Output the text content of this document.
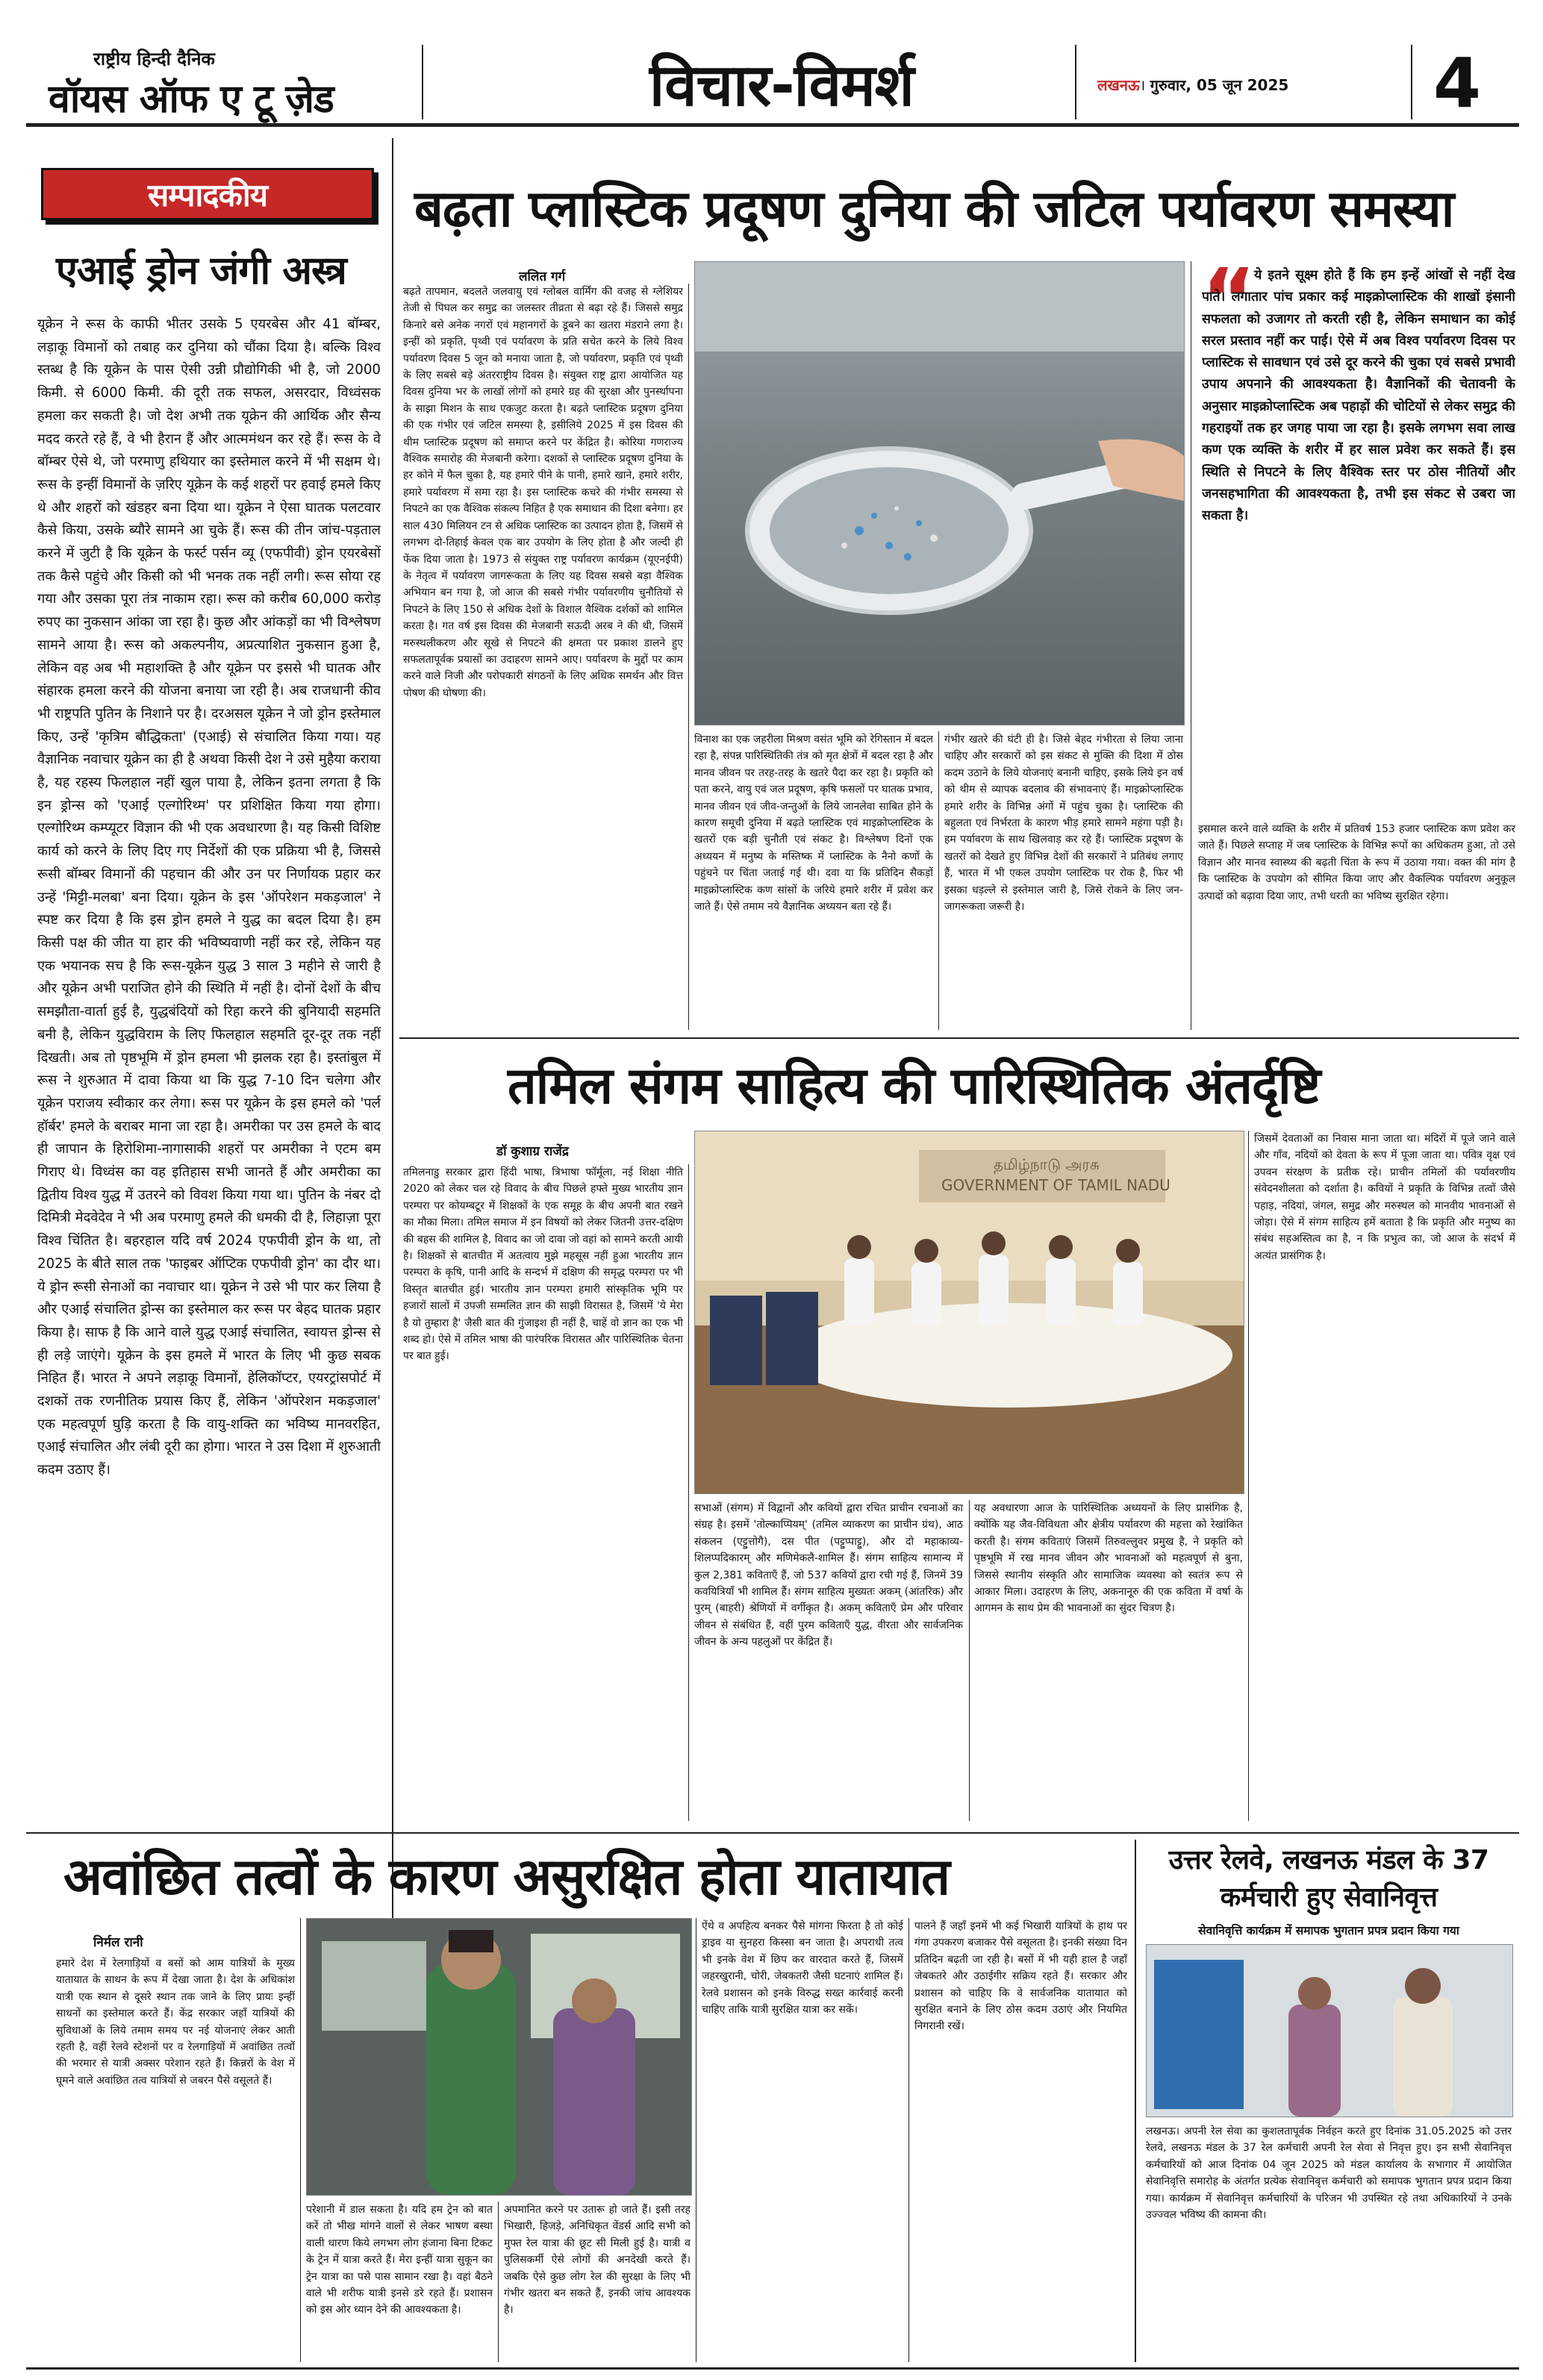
राष्ट्रीय हिन्दी दैनिक
वॉयस ऑफ ए टू ज़ेड	विचार-विमर्श	लखनऊ। गुरुवार, 05 जून 2025 4
सम्पादकीय
एआई ड्रोन जंगी अस्त्र

यूक्रेन ने रूस के काफी भीतर उसके 5 एयरबेस और 41 बॉम्बर, लड़ाकू विमानों को तबाह कर दुनिया को चौंका दिया है। बल्कि विश्व स्तब्ध है कि यूक्रेन के पास ऐसी उन्नी प्रौद्योगिकी भी है, जो 2000 किमी. से 6000 किमी. की दूरी तक सफल, असरदार, विध्वंसक हमला कर सकती है। जो देश अभी तक यूक्रेन की आर्थिक और सैन्य मदद करते रहे हैं, वे भी हैरान हैं और आत्ममंथन कर रहे हैं। रूस के वे बॉम्बर ऐसे थे, जो परमाणु हथियार का इस्तेमाल करने में भी सक्षम थे। रूस के इन्हीं विमानों के ज़रिए यूक्रेन के कई शहरों पर हवाई हमले किए थे और शहरों को खंडहर बना दिया था। यूक्रेन ने ऐसा घातक पलटवार कैसे किया, उसके ब्यौरे सामने आ चुके हैं। रूस की तीन जांच-पड़ताल करने में जुटी है कि यूक्रेन के फर्स्ट पर्सन व्यू (एफपीवी) ड्रोन एयरबेसों तक कैसे पहुंचे और किसी को भी भनक तक नहीं लगी। रूस सोया रह गया और उसका पूरा तंत्र नाकाम रहा। रूस को करीब 60,000 करोड़ रुपए का नुकसान आंका जा रहा है। कुछ और आंकड़ों का भी विश्लेषण सामने आया है। रूस को अकल्पनीय, अप्रत्याशित नुकसान हुआ है, लेकिन वह अब भी महाशक्ति है और यूक्रेन पर इससे भी घातक और संहारक हमला करने की योजना बनाया जा रही है। अब राजधानी कीव भी राष्ट्रपति पुतिन के निशाने पर है। दरअसल यूक्रेन ने जो ड्रोन इस्तेमाल किए, उन्हें 'कृत्रिम बौद्धिकता' (एआई) से संचालित किया गया। यह वैज्ञानिक नवाचार यूक्रेन का ही है अथवा किसी देश ने उसे मुहैया कराया है, यह रहस्य फिलहाल नहीं खुल पाया है, लेकिन इतना लगता है कि इन ड्रोन्स को 'एआई एल्गोरिथ्म' पर प्रशिक्षित किया गया होगा। एल्गोरिथ्म कम्प्यूटर विज्ञान की भी एक अवधारणा है। यह किसी विशिष्ट कार्य को करने के लिए दिए गए निर्देशों की एक प्रक्रिया भी है, जिससे रूसी बॉम्बर विमानों की पहचान की और उन पर निर्णायक प्रहार कर उन्हें 'मिट्टी-मलबा' बना दिया। यूक्रेन के इस 'ऑपरेशन मकड़जाल' ने स्पष्ट कर दिया है कि इस ड्रोन हमले ने युद्ध का बदल दिया है। हम किसी पक्ष की जीत या हार की भविष्यवाणी नहीं कर रहे, लेकिन यह एक भयानक सच है कि रूस-यूक्रेन युद्ध 3 साल 3 महीने से जारी है और यूक्रेन अभी पराजित होने की स्थिति में नहीं है। दोनों देशों के बीच समझौता-वार्ता हुई है, युद्धबंदियों को रिहा करने की बुनियादी सहमति बनी है, लेकिन युद्धविराम के लिए फिलहाल सहमति दूर-दूर तक नहीं दिखती। अब तो पृष्ठभूमि में ड्रोन हमला भी झलक रहा है। इस्तांबुल में रूस ने शुरुआत में दावा किया था कि युद्ध 7-10 दिन चलेगा और यूक्रेन पराजय स्वीकार कर लेगा। रूस पर यूक्रेन के इस हमले को 'पर्ल हॉर्बर' हमले के बराबर माना जा रहा है। अमरीका पर उस हमले के बाद ही जापान के हिरोशिमा-नागासाकी शहरों पर अमरीका ने एटम बम गिराए थे। विध्वंस का वह इतिहास सभी जानते हैं और अमरीका का द्वितीय विश्व युद्ध में उतरने को विवश किया गया था। पुतिन के नंबर दो दिमित्री मेदवेदेव ने भी अब परमाणु हमले की धमकी दी है, लिहाज़ा पूरा विश्व चिंतित है। बहरहाल यदि वर्ष 2024 एफपीवी ड्रोन के था, तो 2025 के बीते साल तक 'फाइबर ऑप्टिक एफपीवी ड्रोन' का दौर था। ये ड्रोन रूसी सेनाओं का नवाचार था। यूक्रेन ने उसे भी पार कर लिया है और एआई संचालित ड्रोन्स का इस्तेमाल कर रूस पर बेहद घातक प्रहार किया है। साफ है कि आने वाले युद्ध एआई संचालित, स्वायत्त ड्रोन्स से ही लड़े जाएंगे। यूक्रेन के इस हमले में भारत के लिए भी कुछ सबक निहित हैं। भारत ने अपने लड़ाकू विमानों, हेलिकॉप्टर, एयरट्रांसपोर्ट में दशकों तक रणनीतिक प्रयास किए हैं, लेकिन 'ऑपरेशन मकड़जाल' एक महत्वपूर्ण घुड़ि करता है कि वायु-शक्ति का भविष्य मानवरहित, एआई संचालित और लंबी दूरी का होगा। भारत ने उस दिशा में शुरुआती कदम उठाए हैं।

बढ़ता प्लास्टिक प्रदूषण दुनिया की जटिल पर्यावरण समस्या
ललित गर्ग

बढ़ते तापमान, बदलते जलवायु एवं ग्लोबल वार्मिंग की वजह से ग्लेशियर तेजी से पिघल कर समुद्र का जलस्तर तीव्रता से बढ़ा रहे हैं। जिससे समुद्र किनारे बसे अनेक नगरों एवं महानगरों के डूबने का खतरा मंडराने लगा है। इन्हीं को प्रकृति, पृथ्वी एवं पर्यावरण के प्रति सचेत करने के लिये विश्व पर्यावरण दिवस 5 जून को मनाया जाता है, जो पर्यावरण, प्रकृति एवं पृथ्वी के लिए सबसे बड़े अंतरराष्ट्रीय दिवस है। संयुक्त राष्ट्र द्वारा आयोजित यह दिवस दुनिया भर के लाखों लोगों को हमारे ग्रह की सुरक्षा और पुनर्स्थापना के साझा मिशन के साथ एकजुट करता है। बढ़ते प्लास्टिक प्रदूषण दुनिया की एक गंभीर एवं जटिल समस्या है, इसीलिये 2025 में इस दिवस की थीम प्लास्टिक प्रदूषण को समाप्त करने पर केंद्रित है। कोरिया गणराज्य वैश्विक समारोह की मेजबानी करेगा। दशकों से प्लास्टिक प्रदूषण दुनिया के हर कोने में फैल चुका है, यह हमारे पीने के पानी, हमारे खाने, हमारे शरीर, हमारे पर्यावरण में समा रहा है। इस प्लास्टिक कचरे की गंभीर समस्या से निपटने का एक वैश्विक संकल्प निहित है एक समाधान की दिशा बनेगा। हर साल 430 मिलियन टन से अधिक प्लास्टिक का उत्पादन होता है, जिसमें से लगभग दो-तिहाई केवल एक बार उपयोग के लिए होता है और जल्दी ही फेंक दिया जाता है। 1973 से संयुक्त राष्ट्र पर्यावरण कार्यक्रम (यूएनईपी) के नेतृत्व में पर्यावरण जागरूकता के लिए यह दिवस सबसे बड़ा वैश्विक अभियान बन गया है, जो आज की सबसे गंभीर पर्यावरणीय चुनौतियों से निपटने के लिए 150 से अधिक देशों के विशाल वैश्विक दर्शकों को शामिल करता है। गत वर्ष इस दिवस की मेजबानी सऊदी अरब ने की थी, जिसमें मरुस्थलीकरण और सूखे से निपटने की क्षमता पर प्रकाश डालने हुए सफलतापूर्वक प्रयासों का उदाहरण सामने आए। पर्यावरण के मुद्दों पर काम करने वाले निजी और परोपकारी संगठनों के लिए अधिक समर्थन और वित्त पोषण की घोषणा की।

विनाश का एक जहरीला मिश्रण वसंत भूमि को रेगिस्तान में बदल रहा है, संपन्न पारिस्थितिकी तंत्र को मृत क्षेत्रों में बदल रहा है और मानव जीवन पर तरह-तरह के खतरे पैदा कर रहा है। प्रकृति को पता करने, वायु एवं जल प्रदूषण, कृषि फसलों पर घातक प्रभाव, मानव जीवन एवं जीव-जन्तुओं के लिये जानलेवा साबित होने के कारण समूची दुनिया में बढ़ते प्लास्टिक एवं माइक्रोप्लास्टिक के खतरों एक बड़ी चुनौती एवं संकट है। विश्लेषण दिनों एक अध्ययन में मनुष्य के मस्तिष्क में प्लास्टिक के नैनो कणों के पहुंचने पर चिंता जताई गई थी। दवा या कि प्रतिदिन सैकड़ों माइक्रोप्लास्टिक कण सांसों के जरिये हमारे शरीर में प्रवेश कर जाते हैं। ऐसे तमाम नये वैज्ञानिक अध्ययन बता रहे हैं।

गंभीर खतरे की घंटी ही है। जिसे बेहद गंभीरता से लिया जाना चाहिए और सरकारों को इस संकट से मुक्ति की दिशा में ठोस कदम उठाने के लिये योजनाएं बनानी चाहिए, इसके लिये इन वर्ष को थीम से व्यापक बदलाव की संभावनाएं हैं। माइक्रोप्लास्टिक हमारे शरीर के विभिन्न अंगों में पहुंच चुका है। प्लास्टिक की बहुलता एवं निर्भरता के कारण भीड़ हमारे सामने महंगा पड़ी है। हम पर्यावरण के साथ खिलवाड़ कर रहे हैं। प्लास्टिक प्रदूषण के खतरों को देखते हुए विभिन्न देशों की सरकारों ने प्रतिबंध लगाए हैं, भारत में भी एकल उपयोग प्लास्टिक पर रोक है, फिर भी इसका धड़ल्ले से इस्तेमाल जारी है, जिसे रोकने के लिए जन-जागरूकता जरूरी है।

“

ये इतने सूक्ष्म होते हैं कि हम इन्हें आंखों से नहीं देख पाते। लगातार पांच प्रकार कई माइक्रोप्लास्टिक की शाखों इंसानी सफलता को उजागर तो करती रही है, लेकिन समाधान का कोई सरल प्रस्ताव नहीं कर पाई। ऐसे में अब विश्व पर्यावरण दिवस पर प्लास्टिक से सावधान एवं उसे दूर करने की चुका एवं सबसे प्रभावी उपाय अपनाने की आवश्यकता है। वैज्ञानिकों की चेतावनी के अनुसार माइक्रोप्लास्टिक अब पहाड़ों की चोटियों से लेकर समुद्र की गहराइयों तक हर जगह पाया जा रहा है। इसके लगभग सवा लाख कण एक व्यक्ति के शरीर में हर साल प्रवेश कर सकते हैं। इस स्थिति से निपटने के लिए वैश्विक स्तर पर ठोस नीतियों और जनसहभागिता की आवश्यकता है, तभी इस संकट से उबरा जा सकता है।

इसमाल करने वाले व्यक्ति के शरीर में प्रतिवर्ष 153 हजार प्लास्टिक कण प्रवेश कर जाते हैं। पिछले सप्ताह में जब प्लास्टिक के विभिन्न रूपों का अधिकतम हुआ, तो उसे विज्ञान और मानव स्वास्थ्य की बढ़ती चिंता के रूप में उठाया गया। वक्त की मांग है कि प्लास्टिक के उपयोग को सीमित किया जाए और वैकल्पिक पर्यावरण अनुकूल उत्पादों को बढ़ावा दिया जाए, तभी धरती का भविष्य सुरक्षित रहेगा।

तमिल संगम साहित्य की पारिस्थितिक अंतर्दृष्टि
डॉ कुशाग्र राजेंद्र

तमिलनाडु सरकार द्वारा हिंदी भाषा, त्रिभाषा फॉर्मूला, नई शिक्षा नीति 2020 को लेकर चल रहे विवाद के बीच पिछले हफ्ते मुख्य भारतीय ज्ञान परम्परा पर कोयम्बटूर में शिक्षकों के एक समूह के बीच अपनी बात रखने का मौका मिला। तमिल समाज में इन विषयों को लेकर जितनी उत्तर-दक्षिण की बहस की शामिल है, विवाद का जो दावा जो वहां को सामने करती आयी है। शिक्षकों से बातचीत में अतत्वाय मुझे महसूस नहीं हुआ भारतीय ज्ञान परम्परा के कृषि, पानी आदि के सन्दर्भ में दक्षिण की समृद्ध परम्परा पर भी विस्तृत बातचीत हुई। भारतीय ज्ञान परम्परा हमारी सांस्कृतिक भूमि पर हजारों सालों में उपजी सम्मलित ज्ञान की साझी विरासत है, जिसमें 'ये मेरा है यो तुम्हारा है' जैसी बात की गुंजाइश ही नहीं है, चाहें वो ज्ञान का एक भी शब्द हो। ऐसे में तमिल भाषा की पारंपरिक विरासत और पारिस्थितिक चेतना पर बात हुई।

தமிழ்நாடு அரசு
GOVERNMENT OF TAMIL NADU

सभाओं (संगम) में विद्वानों और कवियों द्वारा रचित प्राचीन रचनाओं का संग्रह है। इसमें 'तोल्काप्पियम्' (तमिल व्याकरण का प्राचीन ग्रंथ), आठ संकलन (एट्टुत्तोगै), दस पीत (पट्टुप्पाट्टु), और दो महाकाव्य-शिलप्पदिकारम् और मणिमेकलै-शामिल हैं। संगम साहित्य सामान्य में कुल 2,381 कविताएँ हैं, जो 537 कवियों द्वारा रची गई हैं, जिनमें 39 कवयित्रियाँ भी शामिल हैं। संगम साहित्य मुख्यतः अकम् (आंतरिक) और पुरम् (बाहरी) श्रेणियों में वर्गीकृत है। अकम् कविताएँ प्रेम और परिवार जीवन से संबंधित हैं, वहीं पुरम कविताएँ युद्ध, वीरता और सार्वजनिक जीवन के अन्य पहलुओं पर केंद्रित हैं।

यह अवधारणा आज के पारिस्थितिक अध्ययनों के लिए प्रासंगिक है, क्योंकि यह जैव-विविधता और क्षेत्रीय पर्यावरण की महत्ता को रेखांकित करती है। संगम कविताएं जिसमें तिरुवल्लुवर प्रमुख है, ने प्रकृति को पृष्ठभूमि में रख मानव जीवन और भावनाओं को महत्वपूर्ण से बुना, जिससे स्थानीय संस्कृति और सामाजिक व्यवस्था को स्वतंत्र रूप से आकार मिला। उदाहरण के लिए, अकनानूरु की एक कविता में वर्षा के आगमन के साथ प्रेम की भावनाओं का सुंदर चित्रण है।

जिसमें देवताओं का निवास माना जाता था। मंदिरों में पूजे जाने वाले और गाँव, नदियों को देवता के रूप में पूजा जाता था। पवित्र वृक्ष एवं उपवन संरक्षण के प्रतीक रहे। प्राचीन तमिलों की पर्यावरणीय संवेदनशीलता को दर्शाता है। कवियों ने प्रकृति के विभिन्न तत्वों जैसे पहाड़, नदियां, जंगल, समुद्र और मरुस्थल को मानवीय भावनाओं से जोड़ा। ऐसे में संगम साहित्य हमें बताता है कि प्रकृति और मनुष्य का संबंध सहअस्तित्व का है, न कि प्रभुत्व का, जो आज के संदर्भ में अत्यंत प्रासंगिक है।

अवांछित तत्वों के कारण असुरक्षित होता यातायात
निर्मल रानी

हमारे देश में रेलगाड़ियों व बसों को आम यात्रियों के मुख्य यातायात के साधन के रूप में देखा जाता है। देश के अधिकांश यात्री एक स्थान से दूसरे स्थान तक जाने के लिए प्रायः इन्हीं साधनों का इस्तेमाल करते हैं। केंद्र सरकार जहाँ यात्रियों की सुविधाओं के लिये तमाम समय पर नई योजनाएं लेकर आती रहती है, वहीं रेलवे स्टेशनों पर व रेलगाड़ियों में अवांछित तत्वों की भरमार से यात्री अक्सर परेशान रहते हैं। किन्नरों के वेश में घूमने वाले अवांछित तत्व यात्रियों से जबरन पैसे वसूलते हैं।

परेशानी में डाल सकता है। यदि हम ट्रेन को बात करें तो भीख मांगने वालों से लेकर भाषण बस्था वाली धारण किये लगभग लोग हंजाना बिना टिकट के ट्रेन में यात्रा करते हैं। मेरा इन्हीं यात्रा सुकून का ट्रेन यात्रा का पसे पास सामान रखा है। वहां बैठने वाले भी शरीफ यात्री इनसे डरे रहते हैं। प्रशासन को इस ओर ध्यान देने की आवश्यकता है।

अपमानित करने पर उतारू हो जाते हैं। इसी तरह भिखारी, हिजड़े, अनिधिकृत वेंडर्स आदि सभी को मुफ्त रेल यात्रा की छूट सी मिली हुई है। यात्री व पुलिसकर्मी ऐसे लोगों की अनदेखी करते हैं। जबकि ऐसे कुछ लोग रेल की सुरक्षा के लिए भी गंभीर खतरा बन सकते हैं, इनकी जांच आवश्यक है।

ऐंथे व अपहित्य बनकर पैसे मांगना फिरता है तो कोई ड्राइव या सुनहरा किस्सा बन जाता है। अपराधी तत्व भी इनके वेश में छिप कर वारदात करते हैं, जिसमें जहरखुरानी, चोरी, जेबकतरी जैसी घटनाएं शामिल हैं। रेलवे प्रशासन को इनके विरुद्ध सख्त कार्रवाई करनी चाहिए ताकि यात्री सुरक्षित यात्रा कर सकें।

पालने हैं जहाँ इनमें भी कई भिखारी यात्रियों के हाथ पर गंगा उपकरण बजाकर पैसे वसूलता है। इनकी संख्या दिन प्रतिदिन बढ़ती जा रही है। बसों में भी यही हाल है जहाँ जेबकतरे और उठाईगीर सक्रिय रहते हैं। सरकार और प्रशासन को चाहिए कि वे सार्वजनिक यातायात को सुरक्षित बनाने के लिए ठोस कदम उठाएं और नियमित निगरानी रखें।

उत्तर रेलवे, लखनऊ मंडल के 37 कर्मचारी हुए सेवानिवृत्त
सेवानिवृत्ति कार्यक्रम में समापक भुगतान प्रपत्र प्रदान किया गया

लखनऊ। अपनी रेल सेवा का कुशलतापूर्वक निर्वहन करते हुए दिनांक 31.05.2025 को उत्तर रेलवे, लखनऊ मंडल के 37 रेल कर्मचारी अपनी रेल सेवा से निवृत्त हुए। इन सभी सेवानिवृत्त कर्मचारियों को आज दिनांक 04 जून 2025 को मंडल कार्यालय के सभागार में आयोजित सेवानिवृत्ति समारोह के अंतर्गत प्रत्येक सेवानिवृत्त कर्मचारी को समापक भुगतान प्रपत्र प्रदान किया गया। कार्यक्रम में सेवानिवृत्त कर्मचारियों के परिजन भी उपस्थित रहे तथा अधिकारियों ने उनके उज्ज्वल भविष्य की कामना की।
